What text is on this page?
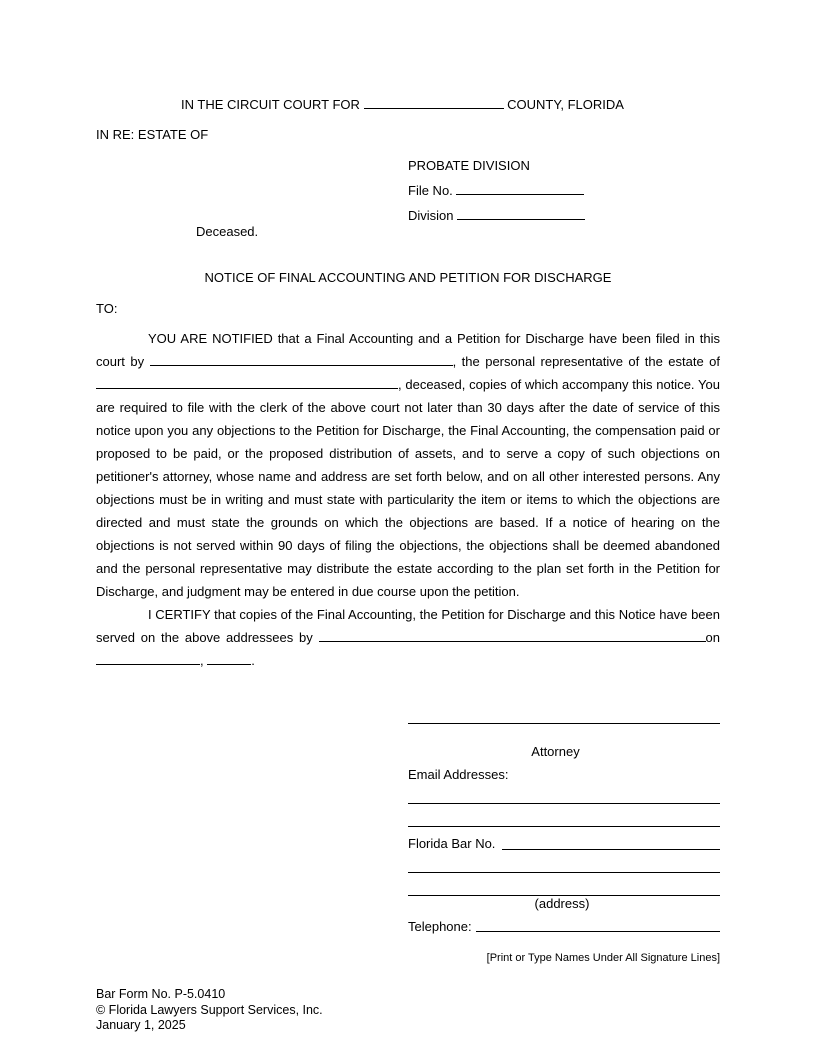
IN THE CIRCUIT COURT FOR	COUNTY, FLORIDA
IN RE: ESTATE OF
PROBATE DIVISION
File No.
Division
Deceased.
NOTICE OF FINAL ACCOUNTING AND PETITION FOR DISCHARGE
TO:

YOU ARE NOTIFIED that a Final Accounting and a Petition for Discharge have been filed in this court by	, the personal representative of the estate of , deceased, copies of which accompany this notice. You are required to file with the clerk of the above court not later than 30 days after the date of service of this notice upon you any objections to the Petition for Discharge, the Final Accounting, the compensation paid or proposed to be paid, or the proposed distribution of assets, and to serve a copy of such objections on petitioner's attorney, whose name and address are set forth below, and on all other interested persons. Any objections must be in writing and must state with particularity the item or items to which the objections are directed and must state the grounds on which the objections are based. If a notice of hearing on the objections is not served within 90 days of filing the objections, the objections shall be deemed abandoned and the personal representative may distribute the estate according to the plan set forth in the Petition for Discharge, and judgment may be entered in due course upon the petition.

I CERTIFY that copies of the Final Accounting, the Petition for Discharge and this Notice have been served on the above addressees by	on ,	.

Attorney
Email Addresses:
Florida Bar No.
(address)
Telephone:
[Print or Type Names Under All Signature Lines]
Bar Form No. P-5.0410
© Florida Lawyers Support Services, Inc.
January 1, 2025
